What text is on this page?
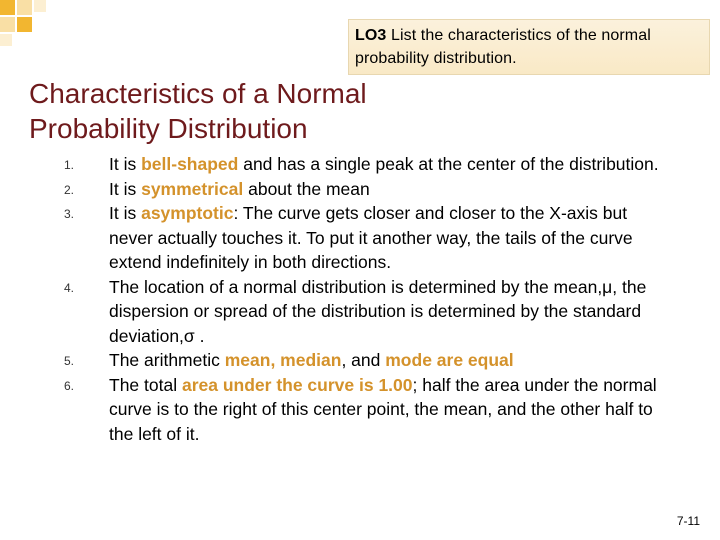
LO3 List the characteristics of the normal probability distribution.
Characteristics of a Normal Probability Distribution
1.	It is bell-shaped and has a single peak at the center of the distribution.
2.	It is symmetrical about the mean
3.	It is asymptotic: The curve gets closer and closer to the X-axis but never actually touches it. To put it another way, the tails of the curve extend indefinitely in both directions.
4.	The location of a normal distribution is determined by the mean,μ, the dispersion or spread of the distribution is determined by the standard deviation,σ .
5.	The arithmetic mean, median, and mode are equal
6.	The total area under the curve is 1.00; half the area under the normal curve is to the right of this center point, the mean, and the other half to the left of it.
7-11
